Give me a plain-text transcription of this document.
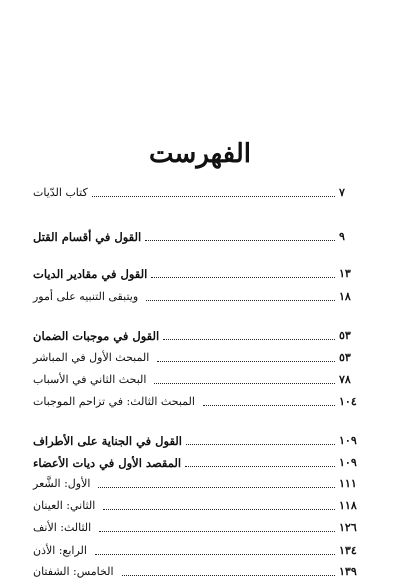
الفهرست
كتاب الدّيات	٧
القول في أقسام القتل	٩
القول في مقادير الديات	١٣
ويتبقى التنبيه على أمور	١٨
القول في موجبات الضمان	٥٣
المبحث الأول في المباشر	٥٣
البحث الثاني في الأسباب	٧٨
المبحث الثالث: في تزاحم الموجبات	١٠٤
القول في الجناية على الأطراف	١٠٩
المقصد الأول في ديات الأعضاء	١٠٩
الأول: الشَّعر	١١١
الثاني: العينان	١١٨
الثالث: الأنف	١٢٦
الرابع: الأذن	١٣٤
الخامس: الشفتان	١٣٩
